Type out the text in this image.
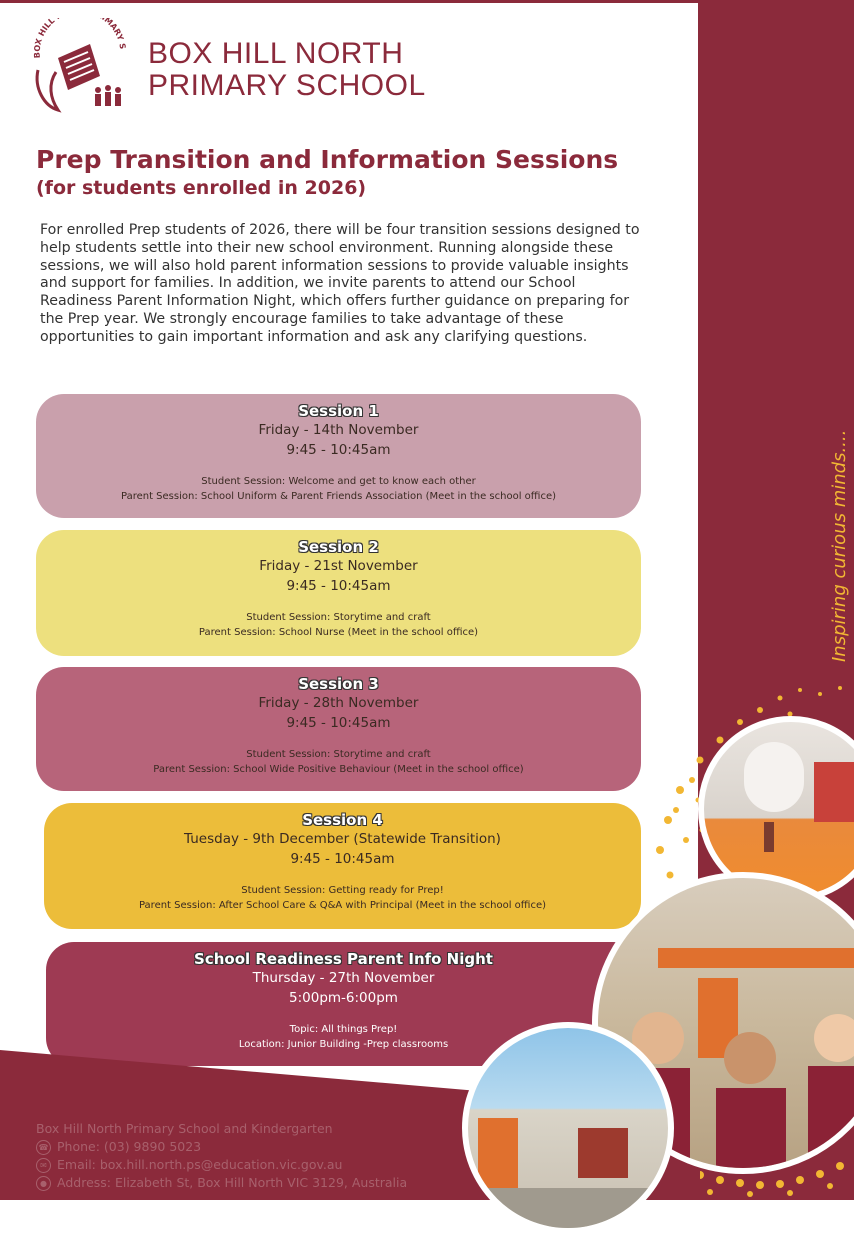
BOX HILL MARY S BOX HILL NORTH
PRIMARY SCHOOL
Prep Transition and Information Sessions
(for students enrolled in 2026)
For enrolled Prep students of 2026, there will be four transition sessions designed to help students settle into their new school environment. Running alongside these sessions, we will also hold parent information sessions to provide valuable insights and support for families. In addition, we invite parents to attend our School Readiness Parent Information Night, which offers further guidance on preparing for the Prep year. We strongly encourage families to take advantage of these opportunities to gain important information and ask any clarifying questions.
Session 1
Friday - 14th November
9:45 - 10:45am
Student Session: Welcome and get to know each other
Parent Session: School Uniform & Parent Friends Association (Meet in the school office)
Session 2
Friday - 21st November
9:45 - 10:45am
Student Session: Storytime and craft
Parent Session: School Nurse (Meet in the school office)
Session 3
Friday - 28th November
9:45 - 10:45am
Student Session: Storytime and craft
Parent Session: School Wide Positive Behaviour (Meet in the school office)
Session 4
Tuesday - 9th December (Statewide Transition)
9:45 - 10:45am
Student Session: Getting ready for Prep!
Parent Session: After School Care & Q&A with Principal (Meet in the school office)
School Readiness Parent Info Night
Thursday - 27th November
5:00pm-6:00pm
Topic: All things Prep!
Location: Junior Building -Prep classrooms
Box Hill North Primary School and Kindergarten
☎ Phone: (03) 9890 5023
✉ Email: box.hill.north.ps@education.vic.gov.au
● Address: Elizabeth St, Box Hill North VIC 3129, Australia
Inspiring curious minds....
